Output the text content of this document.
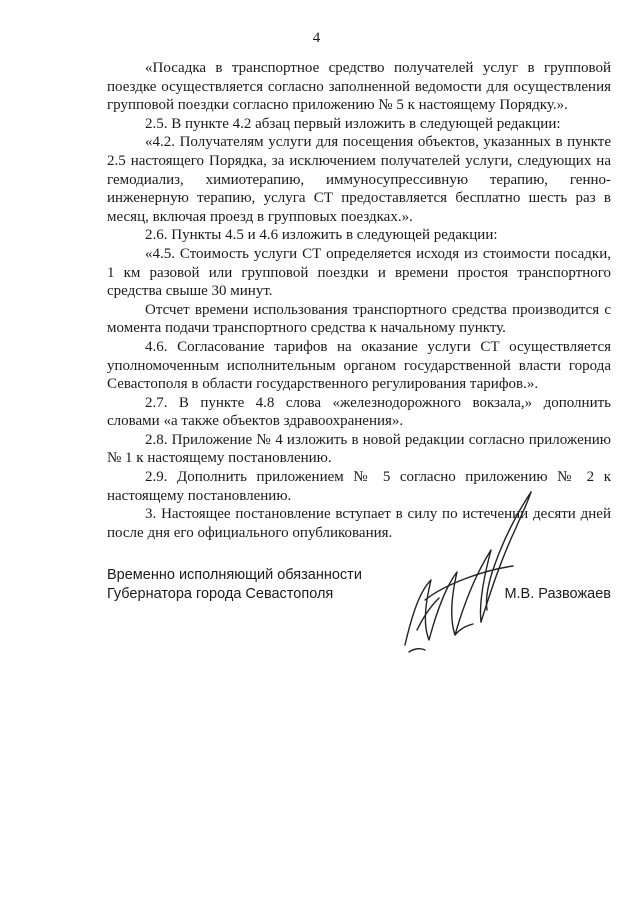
4

«Посадка в транспортное средство получателей услуг в групповой поездке осуществляется согласно заполненной ведомости для осуществления групповой поездки согласно приложению № 5 к настоящему Порядку.».

2.5. В пункте 4.2 абзац первый изложить в следующей редакции:

«4.2. Получателям услуги для посещения объектов, указанных в пункте 2.5 настоящего Порядка, за исключением получателей услуги, следующих на гемодиализ, химиотерапию, иммуносупрессивную терапию, генно-инженерную терапию, услуга СТ предоставляется бесплатно шесть раз в месяц, включая проезд в групповых поездках.».

2.6. Пункты 4.5 и 4.6 изложить в следующей редакции:

«4.5. Стоимость услуги СТ определяется исходя из стоимости посадки, 1 км разовой или групповой поездки и времени простоя транспортного средства свыше 30 минут.

Отсчет времени использования транспортного средства производится с момента подачи транспортного средства к начальному пункту.

4.6. Согласование тарифов на оказание услуги СТ осуществляется уполномоченным исполнительным органом государственной власти города Севастополя в области государственного регулирования тарифов.».

2.7. В пункте 4.8 слова «железнодорожного вокзала,» дополнить словами «а также объектов здравоохранения».

2.8. Приложение № 4 изложить в новой редакции согласно приложению № 1 к настоящему постановлению.

2.9. Дополнить приложением № 5 согласно приложению № 2 к настоящему постановлению.

3. Настоящее постановление вступает в силу по истечении десяти дней после дня его официального опубликования.

Временно исполняющий обязанности
Губернатора города Севастополя	М.В. Развожаев
